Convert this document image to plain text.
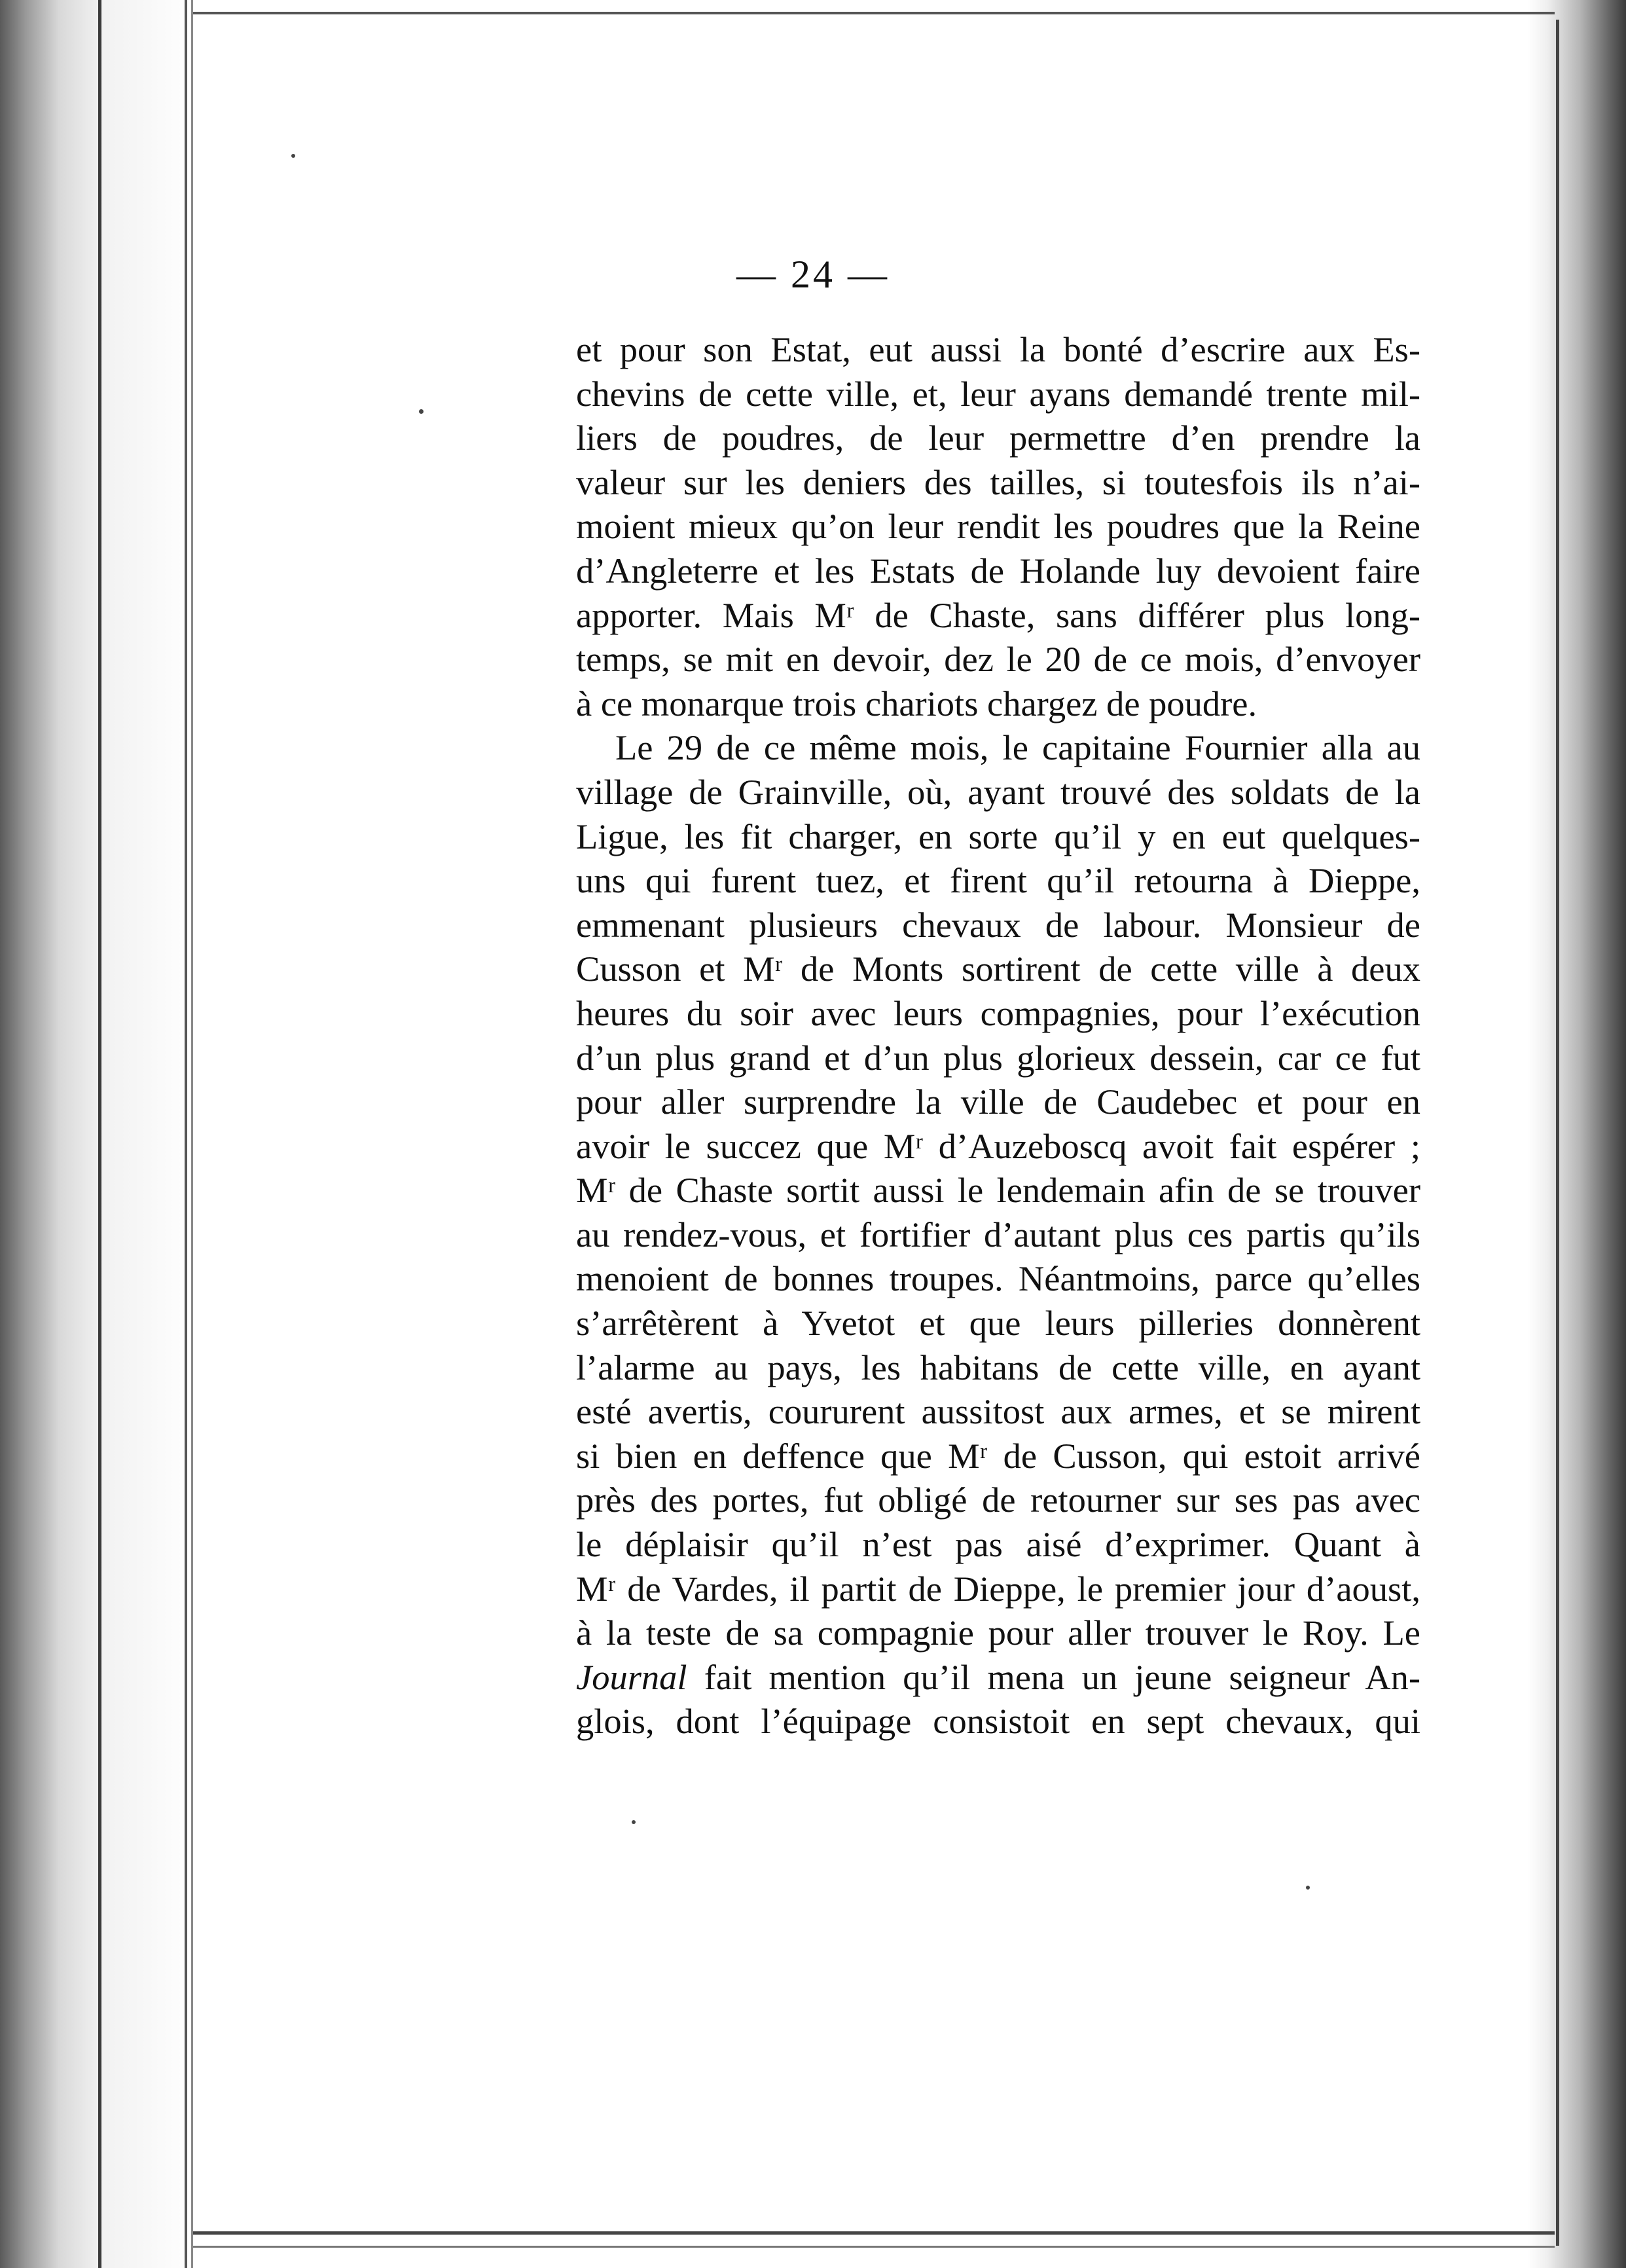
— 24 —
et pour son Estat, eut aussi la bonté d’escrire aux Es-
chevins de cette ville, et, leur ayans demandé trente mil-
liers de poudres, de leur permettre d’en prendre la
valeur sur les deniers des tailles, si toutesfois ils n’ai-
moient mieux qu’on leur rendit les poudres que la Reine
d’Angleterre et les Estats de Holande luy devoient faire
apporter. Mais Mʳ de Chaste, sans différer plus long-
temps, se mit en devoir, dez le 20 de ce mois, d’envoyer
à ce monarque trois chariots chargez de poudre.
Le 29 de ce même mois, le capitaine Fournier alla au
village de Grainville, où, ayant trouvé des soldats de la
Ligue, les fit charger, en sorte qu’il y en eut quelques-
uns qui furent tuez, et firent qu’il retourna à Dieppe,
emmenant plusieurs chevaux de labour. Monsieur de
Cusson et Mʳ de Monts sortirent de cette ville à deux
heures du soir avec leurs compagnies, pour l’exécution
d’un plus grand et d’un plus glorieux dessein, car ce fut
pour aller surprendre la ville de Caudebec et pour en
avoir le succez que Mʳ d’Auzeboscq avoit fait espérer ;
Mʳ de Chaste sortit aussi le lendemain afin de se trouver
au rendez-vous, et fortifier d’autant plus ces partis qu’ils
menoient de bonnes troupes. Néantmoins, parce qu’elles
s’arrêtèrent à Yvetot et que leurs pilleries donnèrent
l’alarme au pays, les habitans de cette ville, en ayant
esté avertis, coururent aussitost aux armes, et se mirent
si bien en deffence que Mʳ de Cusson, qui estoit arrivé
près des portes, fut obligé de retourner sur ses pas avec
le déplaisir qu’il n’est pas aisé d’exprimer. Quant à
Mʳ de Vardes, il partit de Dieppe, le premier jour d’aoust,
à la teste de sa compagnie pour aller trouver le Roy. Le
Journal fait mention qu’il mena un jeune seigneur An-
glois, dont l’équipage consistoit en sept chevaux, qui
